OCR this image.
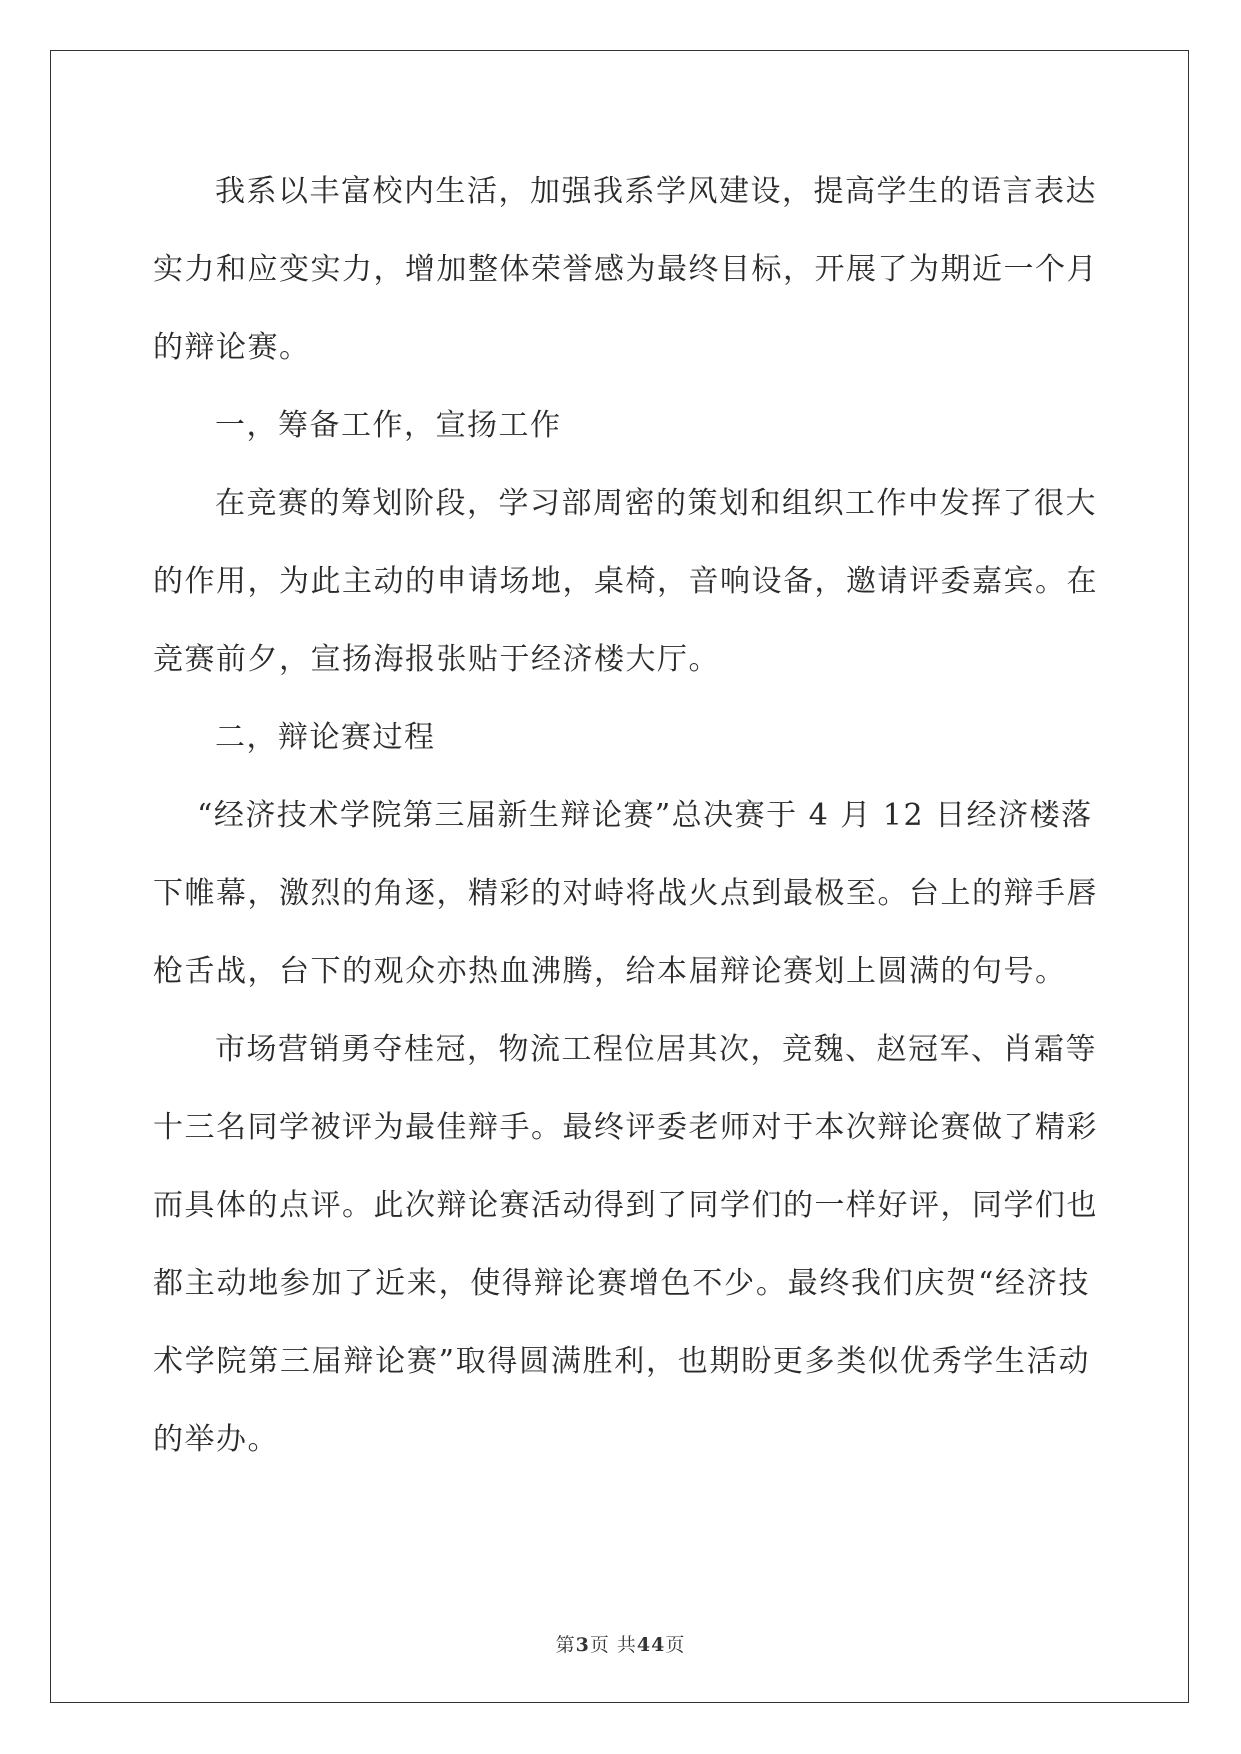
我系以丰富校内生活，加强我系学风建设，提高学生的语言表达
实力和应变实力，增加整体荣誉感为最终目标，开展了为期近一个月
的辩论赛。
一，筹备工作，宣扬工作
在竞赛的筹划阶段，学习部周密的策划和组织工作中发挥了很大
的作用，为此主动的申请场地，桌椅，音响设备，邀请评委嘉宾。在
竞赛前夕，宣扬海报张贴于经济楼大厅。
二，辩论赛过程
“经济技术学院第三届新生辩论赛”总决赛于 4 月 12 日经济楼落
下帷幕，激烈的角逐，精彩的对峙将战火点到最极至。台上的辩手唇
枪舌战，台下的观众亦热血沸腾，给本届辩论赛划上圆满的句号。
市场营销勇夺桂冠，物流工程位居其次，竞魏、赵冠军、肖霜等
十三名同学被评为最佳辩手。最终评委老师对于本次辩论赛做了精彩
而具体的点评。此次辩论赛活动得到了同学们的一样好评，同学们也
都主动地参加了近来，使得辩论赛增色不少。最终我们庆贺“经济技
术学院第三届辩论赛”取得圆满胜利，也期盼更多类似优秀学生活动
的举办。
第3页 共44页
